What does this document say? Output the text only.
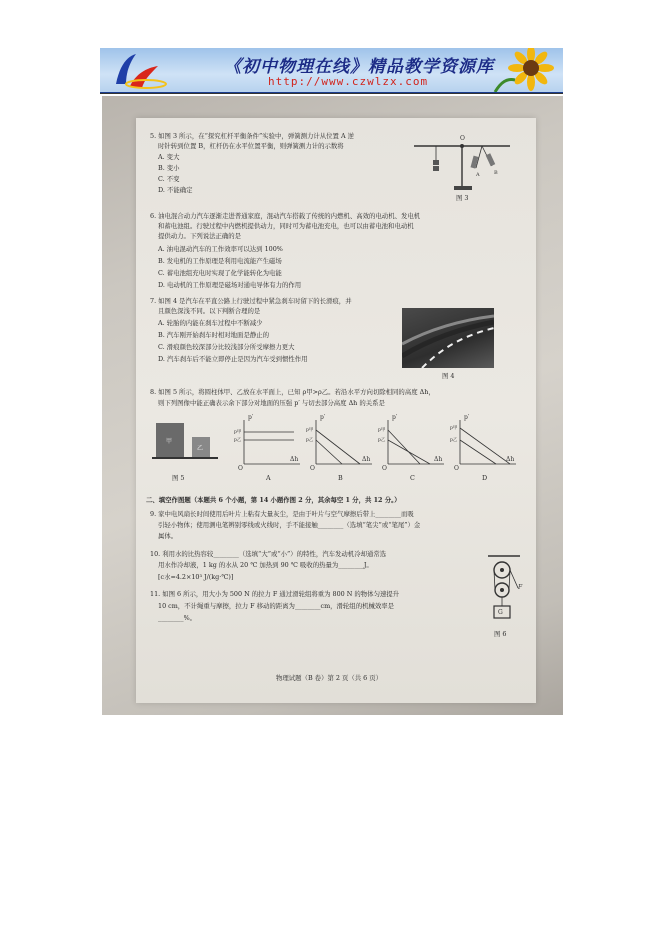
《初中物理在线》精品教学资源库
http://www.czwlzx.com
5. 如图 3 所示，在“探究杠杆平衡条件”实验中，弹簧测力计从位置 A 逆
时针转到位置 B，杠杆仍在水平位置平衡，则弹簧测力计的示数将
A. 变大
B. 变小
C. 不变
D. 不能确定
O
A	B
图 3
6. 油电混合动力汽车逐渐走进普通家庭，混动汽车搭载了传统的内燃机、高效的电动机、发电机
和蓄电池组。行驶过程中内燃机提供动力，同时可为蓄电池充电，也可以由蓄电池和电动机
提供动力。下列说法正确的是
A. 油电混动汽车的工作效率可以达到 100%
B. 发电机的工作原理是利用电流能产生磁场
C. 蓄电池组充电时实现了化学能转化为电能
D. 电动机的工作原理是磁场对通电导体有力的作用
7. 如图 4 是汽车在平直公路上行驶过程中紧急刹车时留下的长滑痕，并
且颜色深浅不同。以下判断合理的是
A. 轮胎的内能在刹车过程中不断减少
B. 汽车刚开始刹车时相对地面是静止的
C. 滑痕颜色较深部分比较浅部分所受摩擦力更大
D. 汽车刹车后不能立即停止是因为汽车受到惯性作用
图 4
8. 如图 5 所示，将圆柱体甲、乙放在水平面上，已知 ρ甲>ρ乙。若沿水平方向切除相同的高度 Δh，
则下列图像中能正确表示余下部分对地面的压强 p′ 与切去部分高度 Δh 的关系是
甲
乙
图 5
p′
p甲
p乙
O
Δh
A
p′
p甲
p乙
O
Δh
B
p′
p甲
p乙
O
Δh
C
p′
p甲
p乙
O
Δh
D
二、填空作图题（本题共 6 个小题，第 14 小题作图 2 分，其余每空 1 分，共 12 分。）
9. 家中电风扇长时间使用后叶片上粘有大量灰尘，是由于叶片与空气摩擦后带上________而吸
引轻小物体；使用测电笔辨别零线或火线时，手不能接触________（选填“笔尖”或“笔尾”）金
属体。
10. 利用水的比热容较________（选填“大”或“小”）的特性，汽车发动机冷却通常选
用水作冷却液，1 kg 的水从 20 ℃ 加热到 90 ℃ 吸收的热量为________J。
[c水=4.2×10³ J/(kg·℃)]
11. 如图 6 所示，用大小为 500 N 的拉力 F 通过滑轮组将重为 800 N 的物体匀速提升
10 cm，不计绳重与摩擦，拉力 F 移动的距离为________cm，滑轮组的机械效率是
________%。
F
G
图 6
物理试题（B 卷）第 2 页（共 6 页）
